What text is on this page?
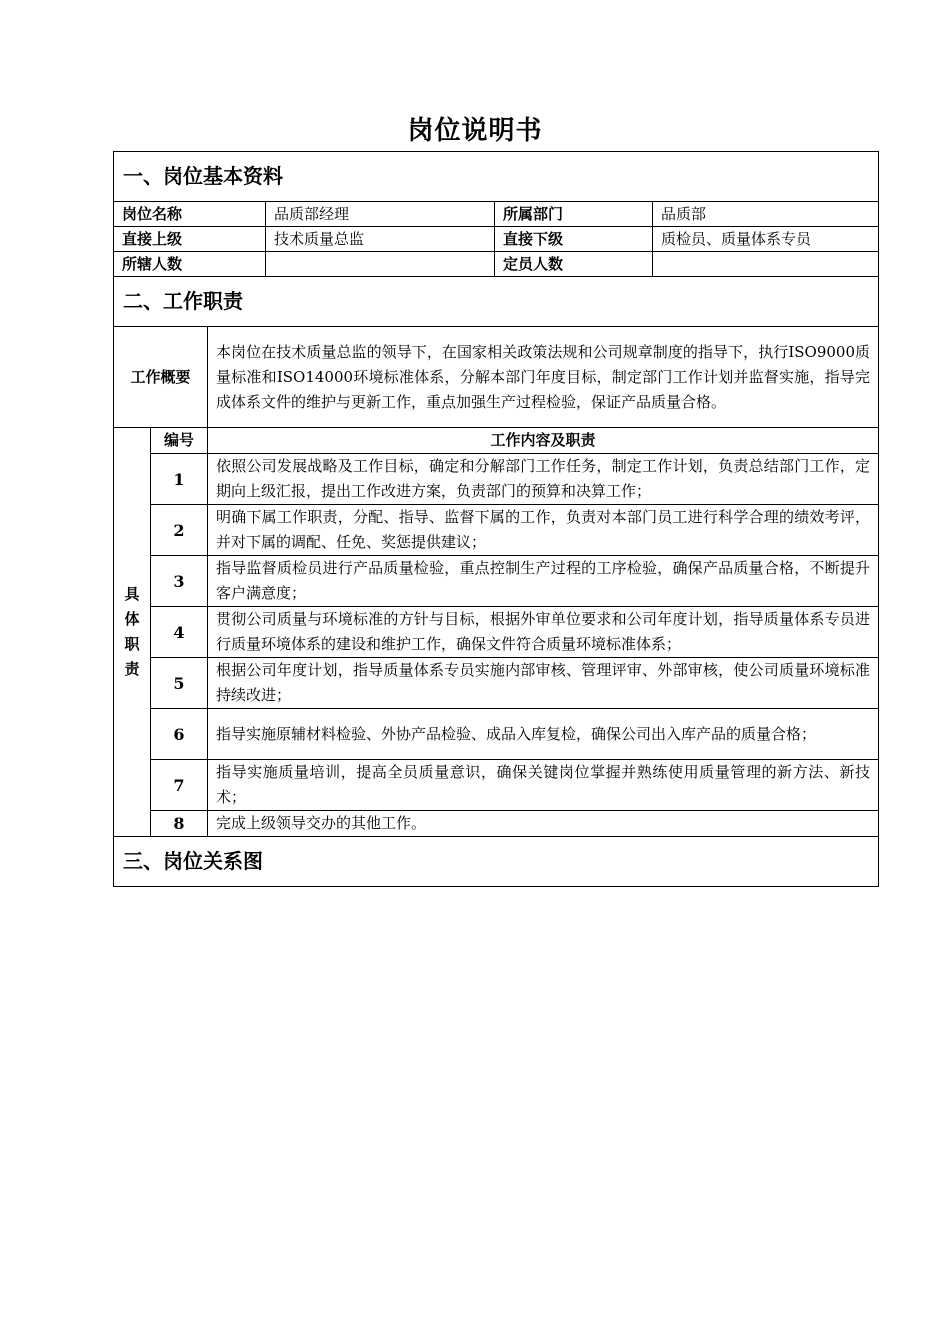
岗位说明书
一、岗位基本资料					
岗位名称			品质部经理	所属部门	品质部
直接上级			技术质量总监	直接下级	质检员、质量体系专员
所辖人数				定员人数	
二、工作职责					
工作概要		本岗位在技术质量总监的领导下，在国家相关政策法规和公司规章制度的指导下，执行ISO9000质量标准和ISO14000环境标准体系，分解本部门年度目标，制定部门工作计划并监督实施，指导完成体系文件的维护与更新工作，重点加强生产过程检验，保证产品质量合格。			

具
体
职
责	编号	工作内容及职责			
	1	依照公司发展战略及工作目标，确定和分解部门工作任务，制定工作计划，负责总结部门工作，定期向上级汇报，提出工作改进方案，负责部门的预算和决算工作；			
	2	明确下属工作职责，分配、指导、监督下属的工作，负责对本部门员工进行科学合理的绩效考评，并对下属的调配、任免、奖惩提供建议；			
	3	指导监督质检员进行产品质量检验，重点控制生产过程的工序检验，确保产品质量合格，不断提升客户满意度；			
	4	贯彻公司质量与环境标准的方针与目标，根据外审单位要求和公司年度计划，指导质量体系专员进行质量环境体系的建设和维护工作，确保文件符合质量环境标准体系；			
	5	根据公司年度计划，指导质量体系专员实施内部审核、管理评审、外部审核，使公司质量环境标准持续改进；			
	6	指导实施原辅材料检验、外协产品检验、成品入库复检，确保公司出入库产品的质量合格；			
	7	指导实施质量培训，提高全员质量意识，确保关键岗位掌握并熟练使用质量管理的新方法、新技术；			
	8	完成上级领导交办的其他工作。			
三、岗位关系图					
